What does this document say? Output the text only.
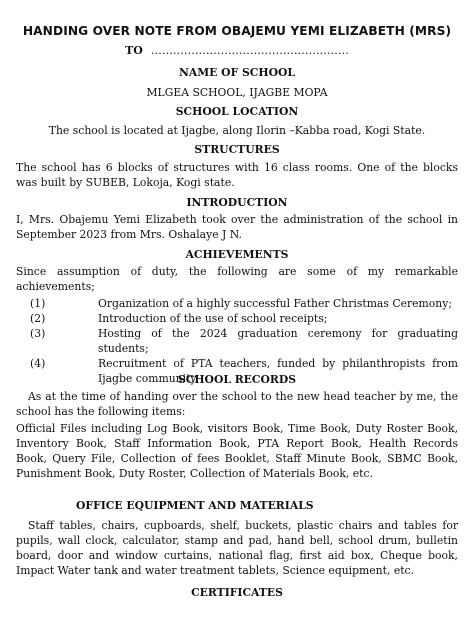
HANDING OVER NOTE FROM OBAJEMU YEMI ELIZABETH (MRS)
TO ………………………………………………
NAME OF SCHOOL
MLGEA SCHOOL, IJAGBE MOPA
SCHOOL LOCATION
The school is located at Ijagbe, along Ilorin –Kabba road, Kogi State.
STRUCTURES
The school has 6 blocks of structures with 16 class rooms. One of the blocks was built by SUBEB, Lokoja, Kogi state.
INTRODUCTION
I, Mrs. Obajemu Yemi Elizabeth took over the administration of the school in September 2023 from Mrs. Oshalaye J N.
ACHIEVEMENTS
Since assumption of duty, the following are some of my remarkable achievements;
(1)	Organization of a highly successful Father Christmas Ceremony;
(2)	Introduction of the use of school receipts;
(3)	Hosting of the 2024 graduation ceremony for graduating students;
(4)	Recruitment of PTA teachers, funded by philanthropists from Ijagbe community.
SCHOOL RECORDS
As at the time of handing over the school to the new head teacher by me, the school has the following items:
Official Files including Log Book, visitors Book, Time Book, Duty Roster Book, Inventory Book, Staff Information Book, PTA Report Book, Health Records Book, Query File, Collection of fees Booklet, Staff Minute Book, SBMC Book, Punishment Book, Duty Roster, Collection of Materials Book, etc.
OFFICE EQUIPMENT AND MATERIALS
Staff tables, chairs, cupboards, shelf, buckets, plastic chairs and tables for pupils, wall clock, calculator, stamp and pad, hand bell, school drum, bulletin board, door and window curtains, national flag, first aid box, Cheque book, Impact Water tank and water treatment tablets, Science equipment, etc.
CERTIFICATES
